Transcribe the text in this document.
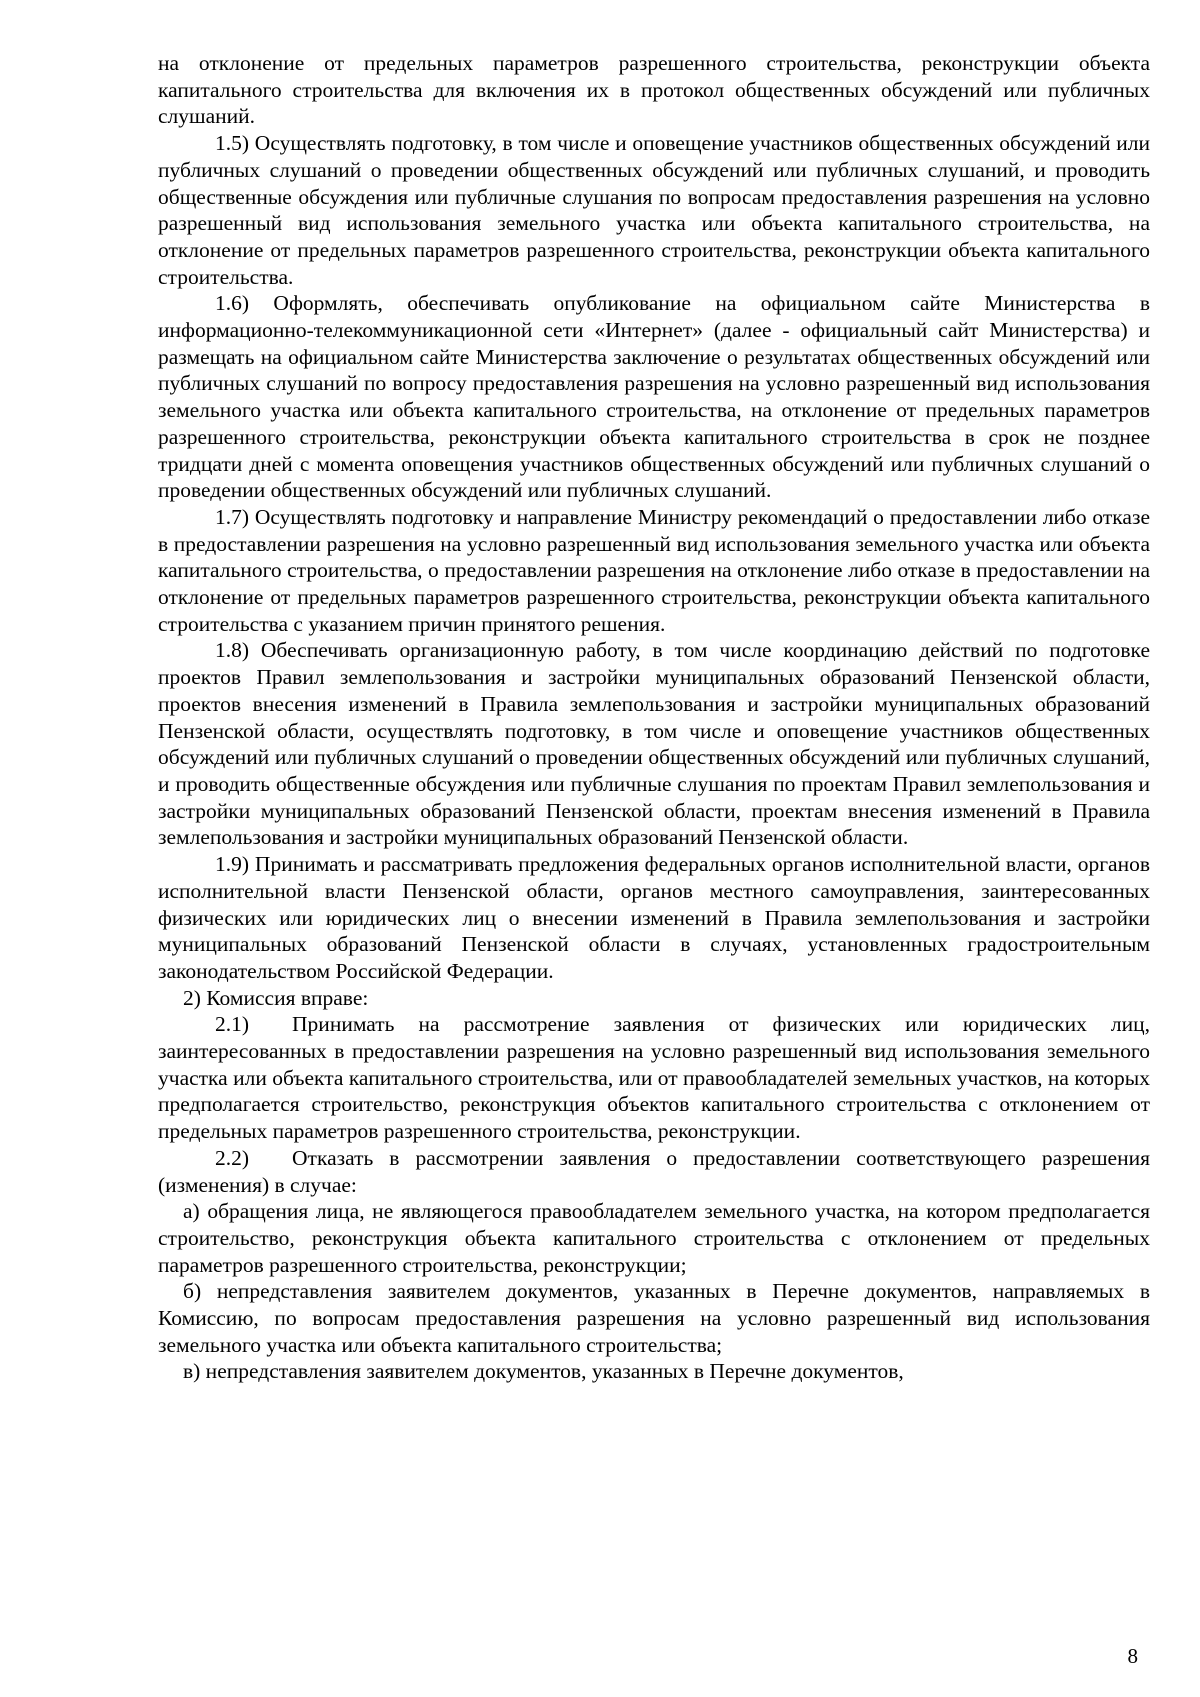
на отклонение от предельных параметров разрешенного строительства, реконструкции объекта капитального строительства для включения их в протокол общественных обсуждений или публичных слушаний.

1.5) Осуществлять подготовку, в том числе и оповещение участников общественных обсуждений или публичных слушаний о проведении общественных обсуждений или публичных слушаний, и проводить общественные обсуждения или публичные слушания по вопросам предоставления разрешения на условно разрешенный вид использования земельного участка или объекта капитального строительства, на отклонение от предельных параметров разрешенного строительства, реконструкции объекта капитального строительства.

1.6) Оформлять, обеспечивать опубликование на официальном сайте Министерства в информационно-телекоммуникационной сети «Интернет» (далее - официальный сайт Министерства) и размещать на официальном сайте Министерства заключение о результатах общественных обсуждений или публичных слушаний по вопросу предоставления разрешения на условно разрешенный вид использования земельного участка или объекта капитального строительства, на отклонение от предельных параметров разрешенного строительства, реконструкции объекта капитального строительства в срок не позднее тридцати дней с момента оповещения участников общественных обсуждений или публичных слушаний о проведении общественных обсуждений или публичных слушаний.

1.7) Осуществлять подготовку и направление Министру рекомендаций о предоставлении либо отказе в предоставлении разрешения на условно разрешенный вид использования земельного участка или объекта капитального строительства, о предоставлении разрешения на отклонение либо отказе в предоставлении на отклонение от предельных параметров разрешенного строительства, реконструкции объекта капитального строительства с указанием причин принятого решения.

1.8) Обеспечивать организационную работу, в том числе координацию действий по подготовке проектов Правил землепользования и застройки муниципальных образований Пензенской области, проектов внесения изменений в Правила землепользования и застройки муниципальных образований Пензенской области, осуществлять подготовку, в том числе и оповещение участников общественных обсуждений или публичных слушаний о проведении общественных обсуждений или публичных слушаний, и проводить общественные обсуждения или публичные слушания по проектам Правил землепользования и застройки муниципальных образований Пензенской области, проектам внесения изменений в Правила землепользования и застройки муниципальных образований Пензенской области.

1.9) Принимать и рассматривать предложения федеральных органов исполнительной власти, органов исполнительной власти Пензенской области, органов местного самоуправления, заинтересованных физических или юридических лиц о внесении изменений в Правила землепользования и застройки муниципальных образований Пензенской области в случаях, установленных градостроительным законодательством Российской Федерации.

2) Комиссия вправе:

2.1)  Принимать на рассмотрение заявления от физических или юридических лиц, заинтересованных в предоставлении разрешения на условно разрешенный вид использования земельного участка или объекта капитального строительства, или от правообладателей земельных участков, на которых предполагается строительство, реконструкция объектов капитального строительства с отклонением от предельных параметров разрешенного строительства, реконструкции.

2.2)  Отказать в рассмотрении заявления о предоставлении соответствующего разрешения (изменения) в случае:

а) обращения лица, не являющегося правообладателем земельного участка, на котором предполагается строительство, реконструкция объекта капитального строительства с отклонением от предельных параметров разрешенного строительства, реконструкции;

б) непредставления заявителем документов, указанных в Перечне документов, направляемых в Комиссию, по вопросам предоставления разрешения на условно разрешенный вид использования земельного участка или объекта капитального строительства;

в) непредставления заявителем документов, указанных в Перечне документов,

8
